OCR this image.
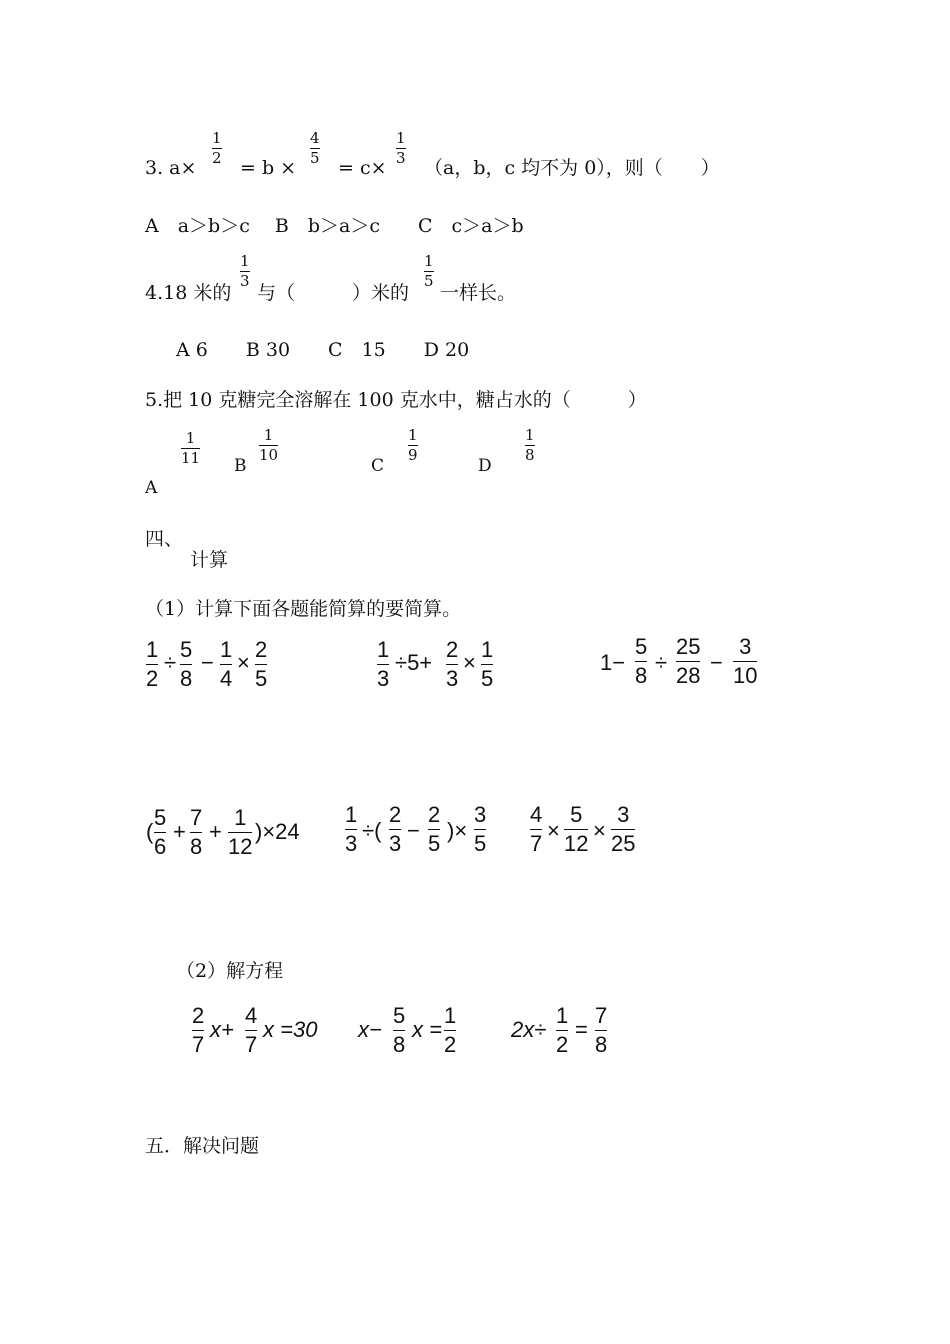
3. a×
1
2 = b ×
4
5 = c×
1
3 （a，b，c 均不为 0），则（　　）
A　a＞b＞c　 B　b＞a＞c　　C　c＞a＞b
4.18 米的
1
3
与（　　　）米的
1
5
一样长。
A 6　　B 30　　C　15　　D 20
5.把 10 克糖完全溶解在 100 克水中，糖占水的（　　　）
1
11
A
B
1
10
C
1
9
D
1
8
四、
计算
（1）计算下面各题能简算的要简算。
1
2
÷
5
8
−
1
4
×
2
5
1
3
÷5+
2
3
×
1
5
1−
5
8
÷
25
28
−
3
10
(
5
6
+
7
8
+
1
12
)×24
1
3
÷(
2
3
−
2
5
)×
3
5
4
7
×
5
12
×
3
25
（2）解方程
2
7
x+
4
7
x =30 x−
5
8
x =
1
2
2x÷
1
2
=
7
8
五．解决问题
